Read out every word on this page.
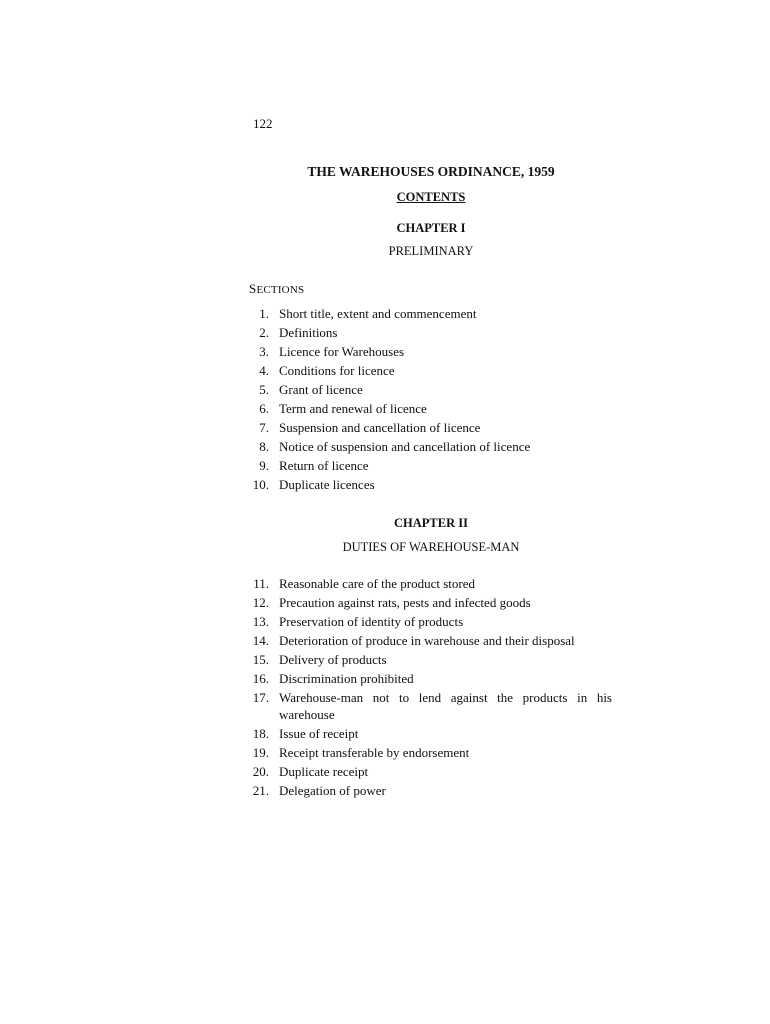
122
THE WAREHOUSES ORDINANCE, 1959
CONTENTS
CHAPTER I
PRELIMINARY
SECTIONS
1. Short title, extent and commencement
2. Definitions
3. Licence for Warehouses
4. Conditions for licence
5. Grant of licence
6. Term and renewal of licence
7. Suspension and cancellation of licence
8. Notice of suspension and cancellation of licence
9. Return of licence
10. Duplicate licences
CHAPTER II
DUTIES OF WAREHOUSE-MAN
11. Reasonable care of the product stored
12. Precaution against rats, pests and infected goods
13. Preservation of identity of products
14. Deterioration of produce in warehouse and their disposal
15. Delivery of products
16. Discrimination prohibited
17. Warehouse-man not to lend against the products in his warehouse
18. Issue of receipt
19. Receipt transferable by endorsement
20. Duplicate receipt
21. Delegation of power
